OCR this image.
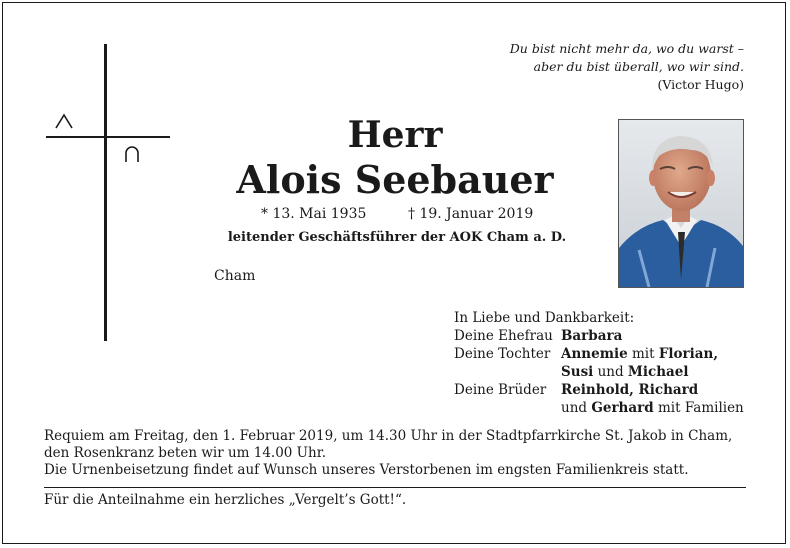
Du bist nicht mehr da, wo du warst –
aber du bist überall, wo wir sind.
(Victor Hugo)
Herr
Alois Seebauer
* 13. Mai 1935	† 19. Januar 2019
leitender Geschäftsführer der AOK Cham a. D.
Cham
In Liebe und Dankbarkeit:
Deine Ehefrau Barbara
Deine Tochter Annemie mit Florian,
Susi und Michael
Deine Brüder Reinhold, Richard
und Gerhard mit Familien
Requiem am Freitag, den 1. Februar 2019, um 14.30 Uhr in der Stadtpfarrkirche St. Jakob in Cham, den Rosenkranz beten wir um 14.00 Uhr.
Die Urnenbeisetzung findet auf Wunsch unseres Verstorbenen im engsten Familienkreis statt.
Für die Anteilnahme ein herzliches „Vergelt’s Gott!“.
